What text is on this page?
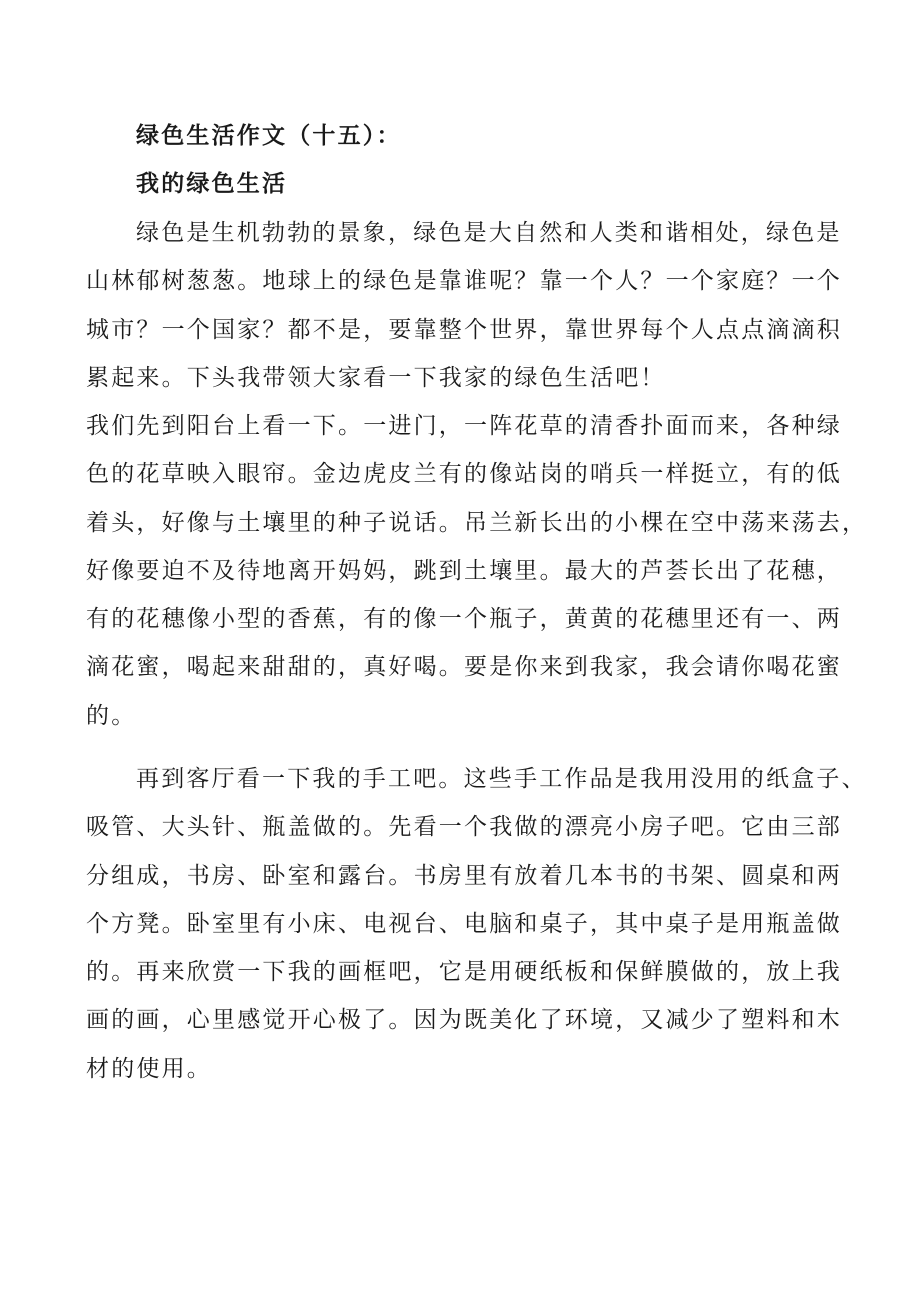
绿色生活作文（十五）：
我的绿色生活
绿色是生机勃勃的景象，绿色是大自然和人类和谐相处，绿色是
山林郁树葱葱。地球上的绿色是靠谁呢？靠一个人？一个家庭？一个
城市？一个国家？都不是，要靠整个世界，靠世界每个人点点滴滴积
累起来。下头我带领大家看一下我家的绿色生活吧！
我们先到阳台上看一下。一进门，一阵花草的清香扑面而来，各种绿
色的花草映入眼帘。金边虎皮兰有的像站岗的哨兵一样挺立，有的低
着头，好像与土壤里的种子说话。吊兰新长出的小棵在空中荡来荡去，
好像要迫不及待地离开妈妈，跳到土壤里。最大的芦荟长出了花穗，
有的花穗像小型的香蕉，有的像一个瓶子，黄黄的花穗里还有一、两
滴花蜜，喝起来甜甜的，真好喝。要是你来到我家，我会请你喝花蜜
的。
再到客厅看一下我的手工吧。这些手工作品是我用没用的纸盒子、
吸管、大头针、瓶盖做的。先看一个我做的漂亮小房子吧。它由三部
分组成，书房、卧室和露台。书房里有放着几本书的书架、圆桌和两
个方凳。卧室里有小床、电视台、电脑和桌子，其中桌子是用瓶盖做
的。再来欣赏一下我的画框吧，它是用硬纸板和保鲜膜做的，放上我
画的画，心里感觉开心极了。因为既美化了环境，又减少了塑料和木
材的使用。
